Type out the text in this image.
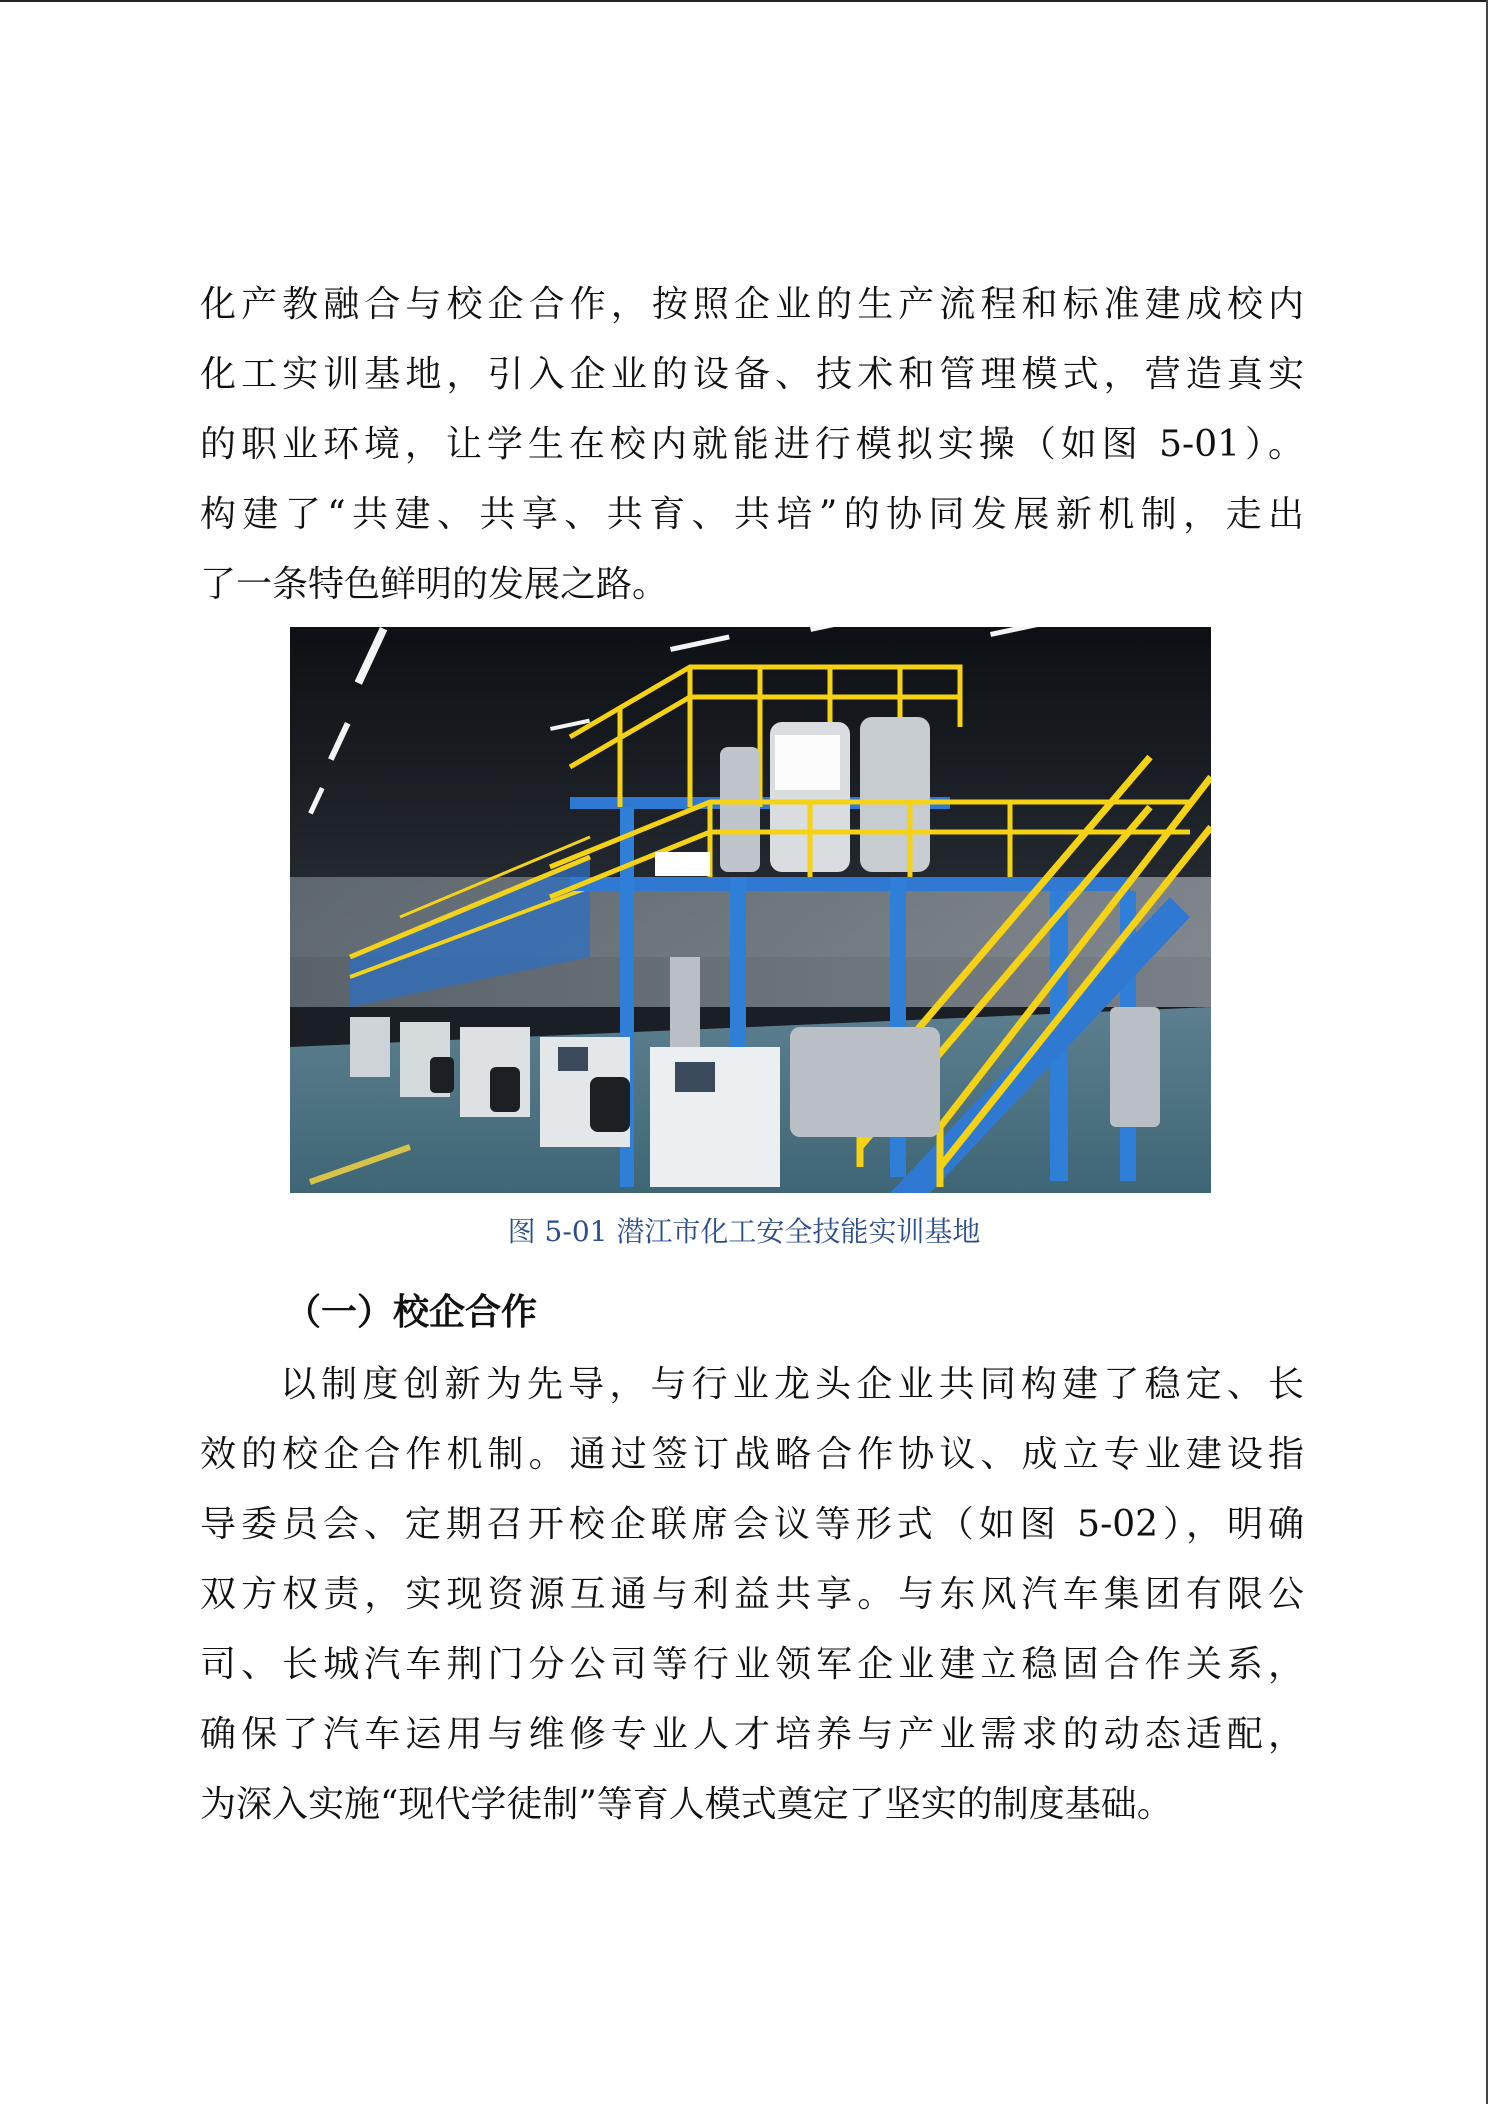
化产教融合与校企合作，按照企业的生产流程和标准建成校内
化工实训基地，引入企业的设备、技术和管理模式，营造真实
的职业环境，让学生在校内就能进行模拟实操（如图 5-01）。
构建了“共建、共享、共育、共培”的协同发展新机制，走出
了一条特色鲜明的发展之路。
图 5-01 潜江市化工安全技能实训基地
（一）校企合作
以制度创新为先导，与行业龙头企业共同构建了稳定、长
效的校企合作机制。通过签订战略合作协议、成立专业建设指
导委员会、定期召开校企联席会议等形式（如图 5-02），明确
双方权责，实现资源互通与利益共享。与东风汽车集团有限公
司、长城汽车荆门分公司等行业领军企业建立稳固合作关系，
确保了汽车运用与维修专业人才培养与产业需求的动态适配，
为深入实施“现代学徒制”等育人模式奠定了坚实的制度基础。
